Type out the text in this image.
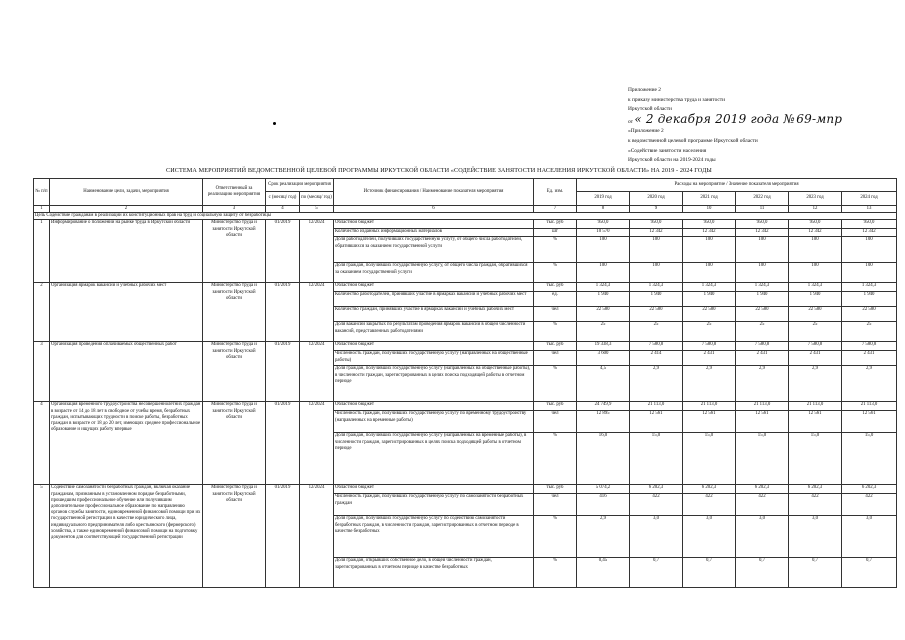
Приложение 2
к приказу министерства труда и занятости
Иркутской области
от « 2 декабря 2019 года № 69-мпр
«Приложение 2
к ведомственной целевой программе Иркутской области
«Содействие занятости населения
Иркутской области на 2019-2024 годы
СИСТЕМА МЕРОПРИЯТИЙ ВЕДОМСТВЕННОЙ ЦЕЛЕВОЙ ПРОГРАММЫ ИРКУТСКОЙ ОБЛАСТИ «СОДЕЙСТВИЕ ЗАНЯТОСТИ НАСЕЛЕНИЯ ИРКУТСКОЙ ОБЛАСТИ» НА 2019 - 2024 ГОДЫ
№ п/п	Наименование цели, задачи, мероприятия	Ответственный за реализацию мероприятия	Срок реализации мероприятия		Источник финансирования / Наименование показателя мероприятия	Ед. изм.	Расходы на мероприятие / Значение показателя мероприятия					
			с (месяц/ год)	по (месяц/ год)			2019 год	2020 год	2021 год	2022 год	2023 год	2024 год
1	2	3	4	5	6	7	8	9	10	11	12	13
Цель Содействие гражданам в реализации их конституционных прав на труд и социальную защиту от безработицы												
1	Информирование о положении на рынке труда в Иркутской области	Министерство труда и занятости Иркутской области	01/2019	12/2024	Областной бюджет	тыс. руб	950,0	950,0	950,0	950,0	950,0	950,0
					Количество изданных информационных материалов	шт	10 570	12 342	12 342	12 342	12 342	12 342
					Доля работодателей, получивших государственную услугу, от общего числа работодателей, обратившихся за оказанием государственной услуги	%	100	100	100	100	100	100
					Доля граждан, получивших государственную услугу, от общего числа граждан, обратившихся за оказанием государственной услуги	%	100	100	100	100	100	100
2	Организация ярмарок вакансий и учебных рабочих мест	Министерство труда и занятости Иркутской области	01/2019	12/2024	Областной бюджет	тыс. руб	1 324,3	1 324,3	1 324,3	1 324,3	1 324,3	1 324,3
					Количество работодателей, принявших участие в ярмарках вакансий и учебных рабочих мест	ед.	1 940	1 940	1 940	1 940	1 940	1 940
					Количество граждан, принявших участие в ярмарках вакансий и учебных рабочих мест	чел	22 580	22 580	22 580	22 580	22 580	22 580
					Доля вакансий закрытых по результатам проведения ярмарок вакансий в общей численности вакансий, представленных работодателями	%	25	25	25	25	25	25
3	Организация проведения оплачиваемых общественных работ	Министерство труда и занятости Иркутской области	01/2019	12/2024	Областной бюджет	тыс. руб	19 338,3	7 580,8	7 580,8	7 580,8	7 580,8	7 580,8
					Численность граждан, получивших государственную услугу (направленных на общественные работы)	чел	3 600	2 414	2 431	2 431	2 431	2 431
					Доля граждан, получивших государственную услугу (направленных на общественные работы), в численности граждан, зарегистрированных в целях поиска подходящей работы в отчетном периоде	%	4,5	2,9	2,9	2,9	2,9	2,9
4	Организация временного трудоустройства несовершеннолетних граждан в возрасте от 14 до 18 лет в свободное от учебы время, безработных граждан, испытывающих трудности в поиске работы, безработных граждан в возрасте от 18 до 20 лет, имеющих среднее профессиональное образование и ищущих работу впервые	Министерство труда и занятости Иркутской области	01/2019	12/2024	Областной бюджет	тыс. руб	24 749,9	21 113,0	21 113,0	21 113,0	21 113,0	21 113,0
					Численность граждан, получивших государственную услугу по временному трудоустройству (направленных на временные работы)	чел	12 895	12 561	12 561	12 561	12 561	12 561
					Доля граждан, получивших государственную услугу (направленных на временные работы), в численности граждан, зарегистрированных в целях поиска подходящей работы в отчетном периоде	%	16,0	15,0	15,0	15,0	15,0	15,0
5	Содействие самозанятости безработных граждан, включая оказание гражданам, признанным в установленном порядке безработными, прошедшим профессиональное обучение или получившим дополнительное профессиональное образование по направлению органов службы занятости, единовременной финансовой помощи при их государственной регистрации в качестве юридического лица, индивидуального предпринимателя либо крестьянского (фермерского) хозяйства, а также единовременной финансовой помощи на подготовку документов для соответствующей государственной регистрации	Министерство труда и занятости Иркутской области	01/2019	12/2024	Областной бюджет	тыс. руб	5 074,2	6 202,3	6 202,3	6 202,3	6 202,3	6 202,3
					Численность граждан, получивших государственную услугу по самозанятости безработных граждан	чел	416	422	422	422	422	422
					Доля граждан, получивших государственную услугу по содействию самозанятости безработных граждан, в численности граждан, зарегистрированных в отчетном периоде в качестве безработных	%	2,9	3,0	3,0	3,0	3,0	3,0
					Доля граждан, открывших собственное дело, в общей численности граждан, зарегистрированных в отчетном периоде в качестве безработных	%	0,45	0,7	0,7	0,7	0,7	0,7
